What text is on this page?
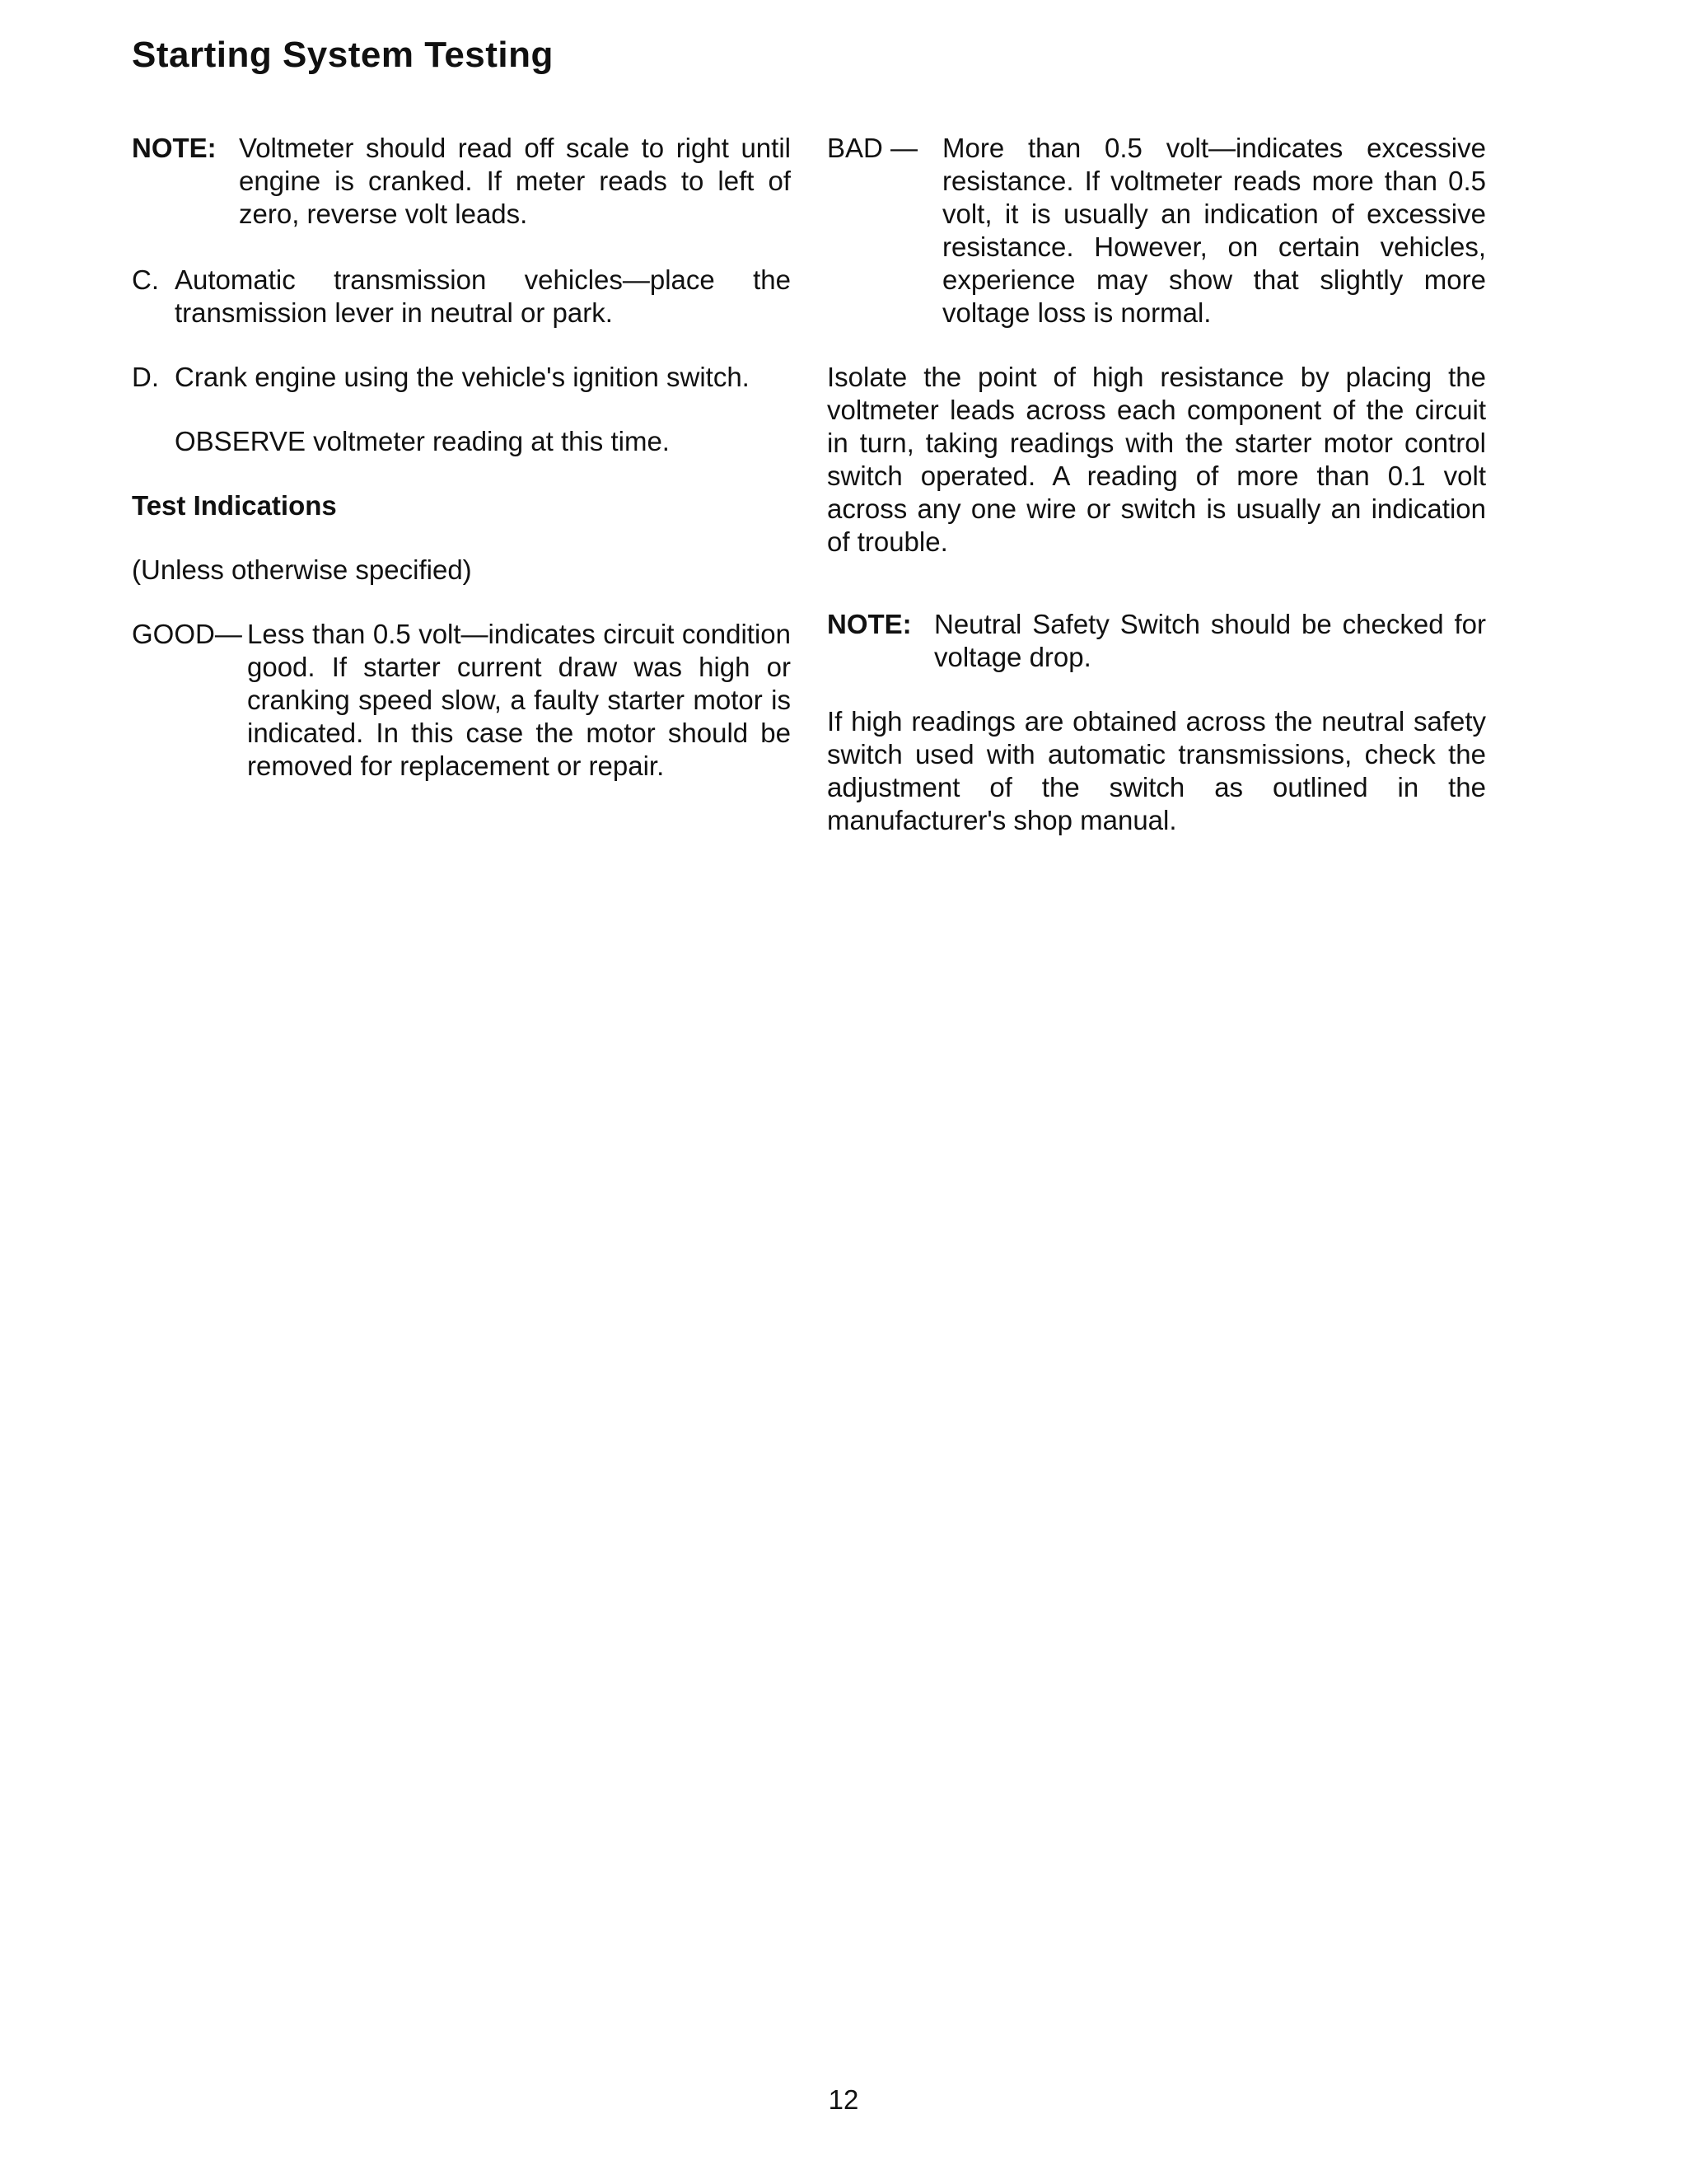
Starting System Testing
NOTE: Voltmeter should read off scale to right until engine is cranked. If meter reads to left of zero, reverse volt leads.

C. Automatic transmission vehicles—place the transmission lever in neutral or park.

D. Crank engine using the vehicle's ignition switch.

OBSERVE voltmeter reading at this time.

Test Indications

(Unless otherwise specified)

GOOD— Less than 0.5 volt—indicates circuit condition good. If starter current draw was high or cranking speed slow, a faulty starter motor is indicated. In this case the motor should be removed for replacement or repair.

BAD — More than 0.5 volt—indicates excessive resistance. If voltmeter reads more than 0.5 volt, it is usually an indication of excessive resistance. However, on certain vehicles, experience may show that slightly more voltage loss is normal.

Isolate the point of high resistance by placing the voltmeter leads across each component of the circuit in turn, taking readings with the starter motor control switch operated. A reading of more than 0.1 volt across any one wire or switch is usually an indication of trouble.

NOTE: Neutral Safety Switch should be checked for voltage drop.

If high readings are obtained across the neutral safety switch used with automatic transmissions, check the adjustment of the switch as outlined in the manufacturer's shop manual.

12
